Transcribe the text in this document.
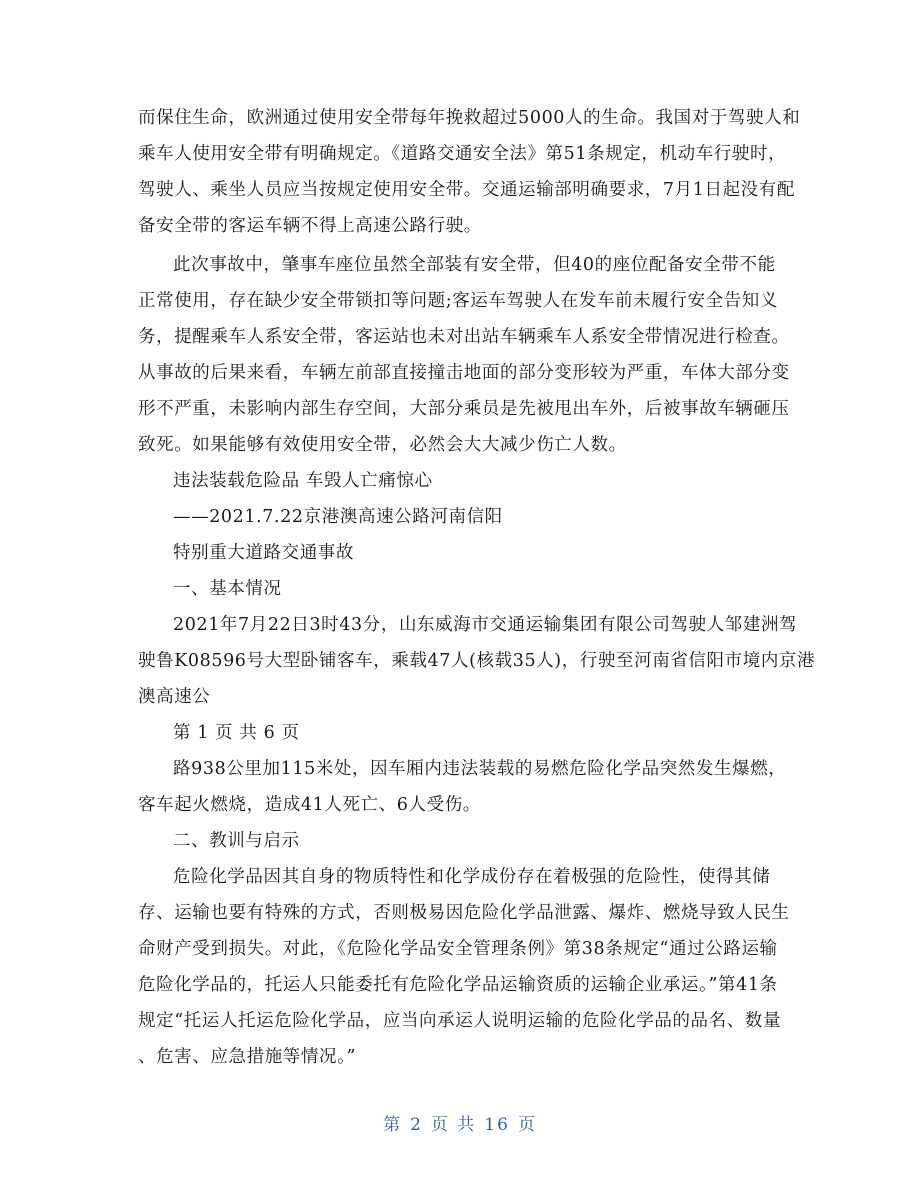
而保住生命，欧洲通过使用安全带每年挽救超过5000人的生命。我国对于驾驶人和
乘车人使用安全带有明确规定。《道路交通安全法》第51条规定，机动车行驶时，
驾驶人、乘坐人员应当按规定使用安全带。交通运输部明确要求，7月1日起没有配
备安全带的客运车辆不得上高速公路行驶。
此次事故中，肇事车座位虽然全部装有安全带，但40的座位配备安全带不能
正常使用，存在缺少安全带锁扣等问题;客运车驾驶人在发车前未履行安全告知义
务，提醒乘车人系安全带，客运站也未对出站车辆乘车人系安全带情况进行检查。
从事故的后果来看，车辆左前部直接撞击地面的部分变形较为严重，车体大部分变
形不严重，未影响内部生存空间，大部分乘员是先被甩出车外，后被事故车辆砸压
致死。如果能够有效使用安全带，必然会大大减少伤亡人数。
违法装载危险品 车毁人亡痛惊心
——2021.7.22京港澳高速公路河南信阳
特别重大道路交通事故
一、基本情况
2021年7月22日3时43分，山东威海市交通运输集团有限公司驾驶人邹建洲驾
驶鲁K08596号大型卧铺客车，乘载47人(核载35人)，行驶至河南省信阳市境内京港
澳高速公
第 1 页 共 6 页
路938公里加115米处，因车厢内违法装载的易燃危险化学品突然发生爆燃，
客车起火燃烧，造成41人死亡、6人受伤。
二、教训与启示
危险化学品因其自身的物质特性和化学成份存在着极强的危险性，使得其储
存、运输也要有特殊的方式，否则极易因危险化学品泄露、爆炸、燃烧导致人民生
命财产受到损失。对此，《危险化学品安全管理条例》第38条规定“通过公路运输
危险化学品的，托运人只能委托有危险化学品运输资质的运输企业承运。”第41条
规定“托运人托运危险化学品，应当向承运人说明运输的危险化学品的品名、数量
、危害、应急措施等情况。”
第 2 页 共 16 页
